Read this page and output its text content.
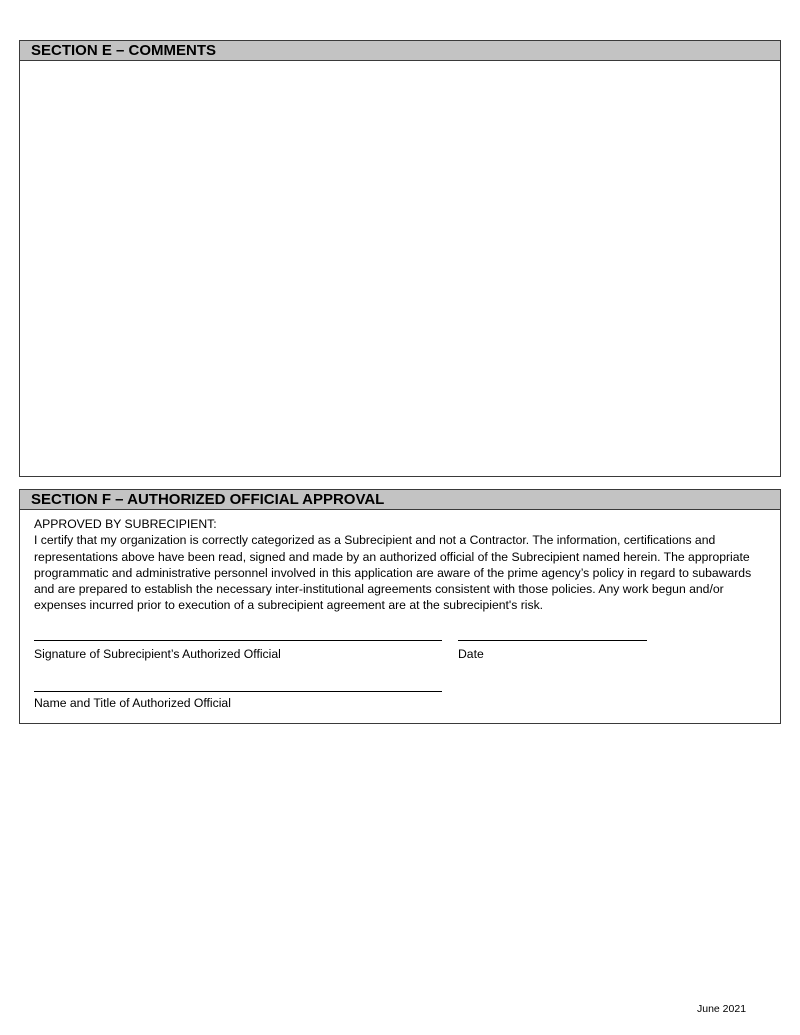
SECTION E – COMMENTS
SECTION F – AUTHORIZED OFFICIAL APPROVAL

APPROVED BY SUBRECIPIENT:

I certify that my organization is correctly categorized as a Subrecipient and not a Contractor. The information, certifications and representations above have been read, signed and made by an authorized official of the Subrecipient named herein. The appropriate programmatic and administrative personnel involved in this application are aware of the prime agency’s policy in regard to subawards and are prepared to establish the necessary inter-institutional agreements consistent with those policies. Any work begun and/or expenses incurred prior to execution of a subrecipient agreement are at the subrecipient's risk.

Signature of Subrecipient’s Authorized Official	Date
Name and Title of Authorized Official
June 2021
